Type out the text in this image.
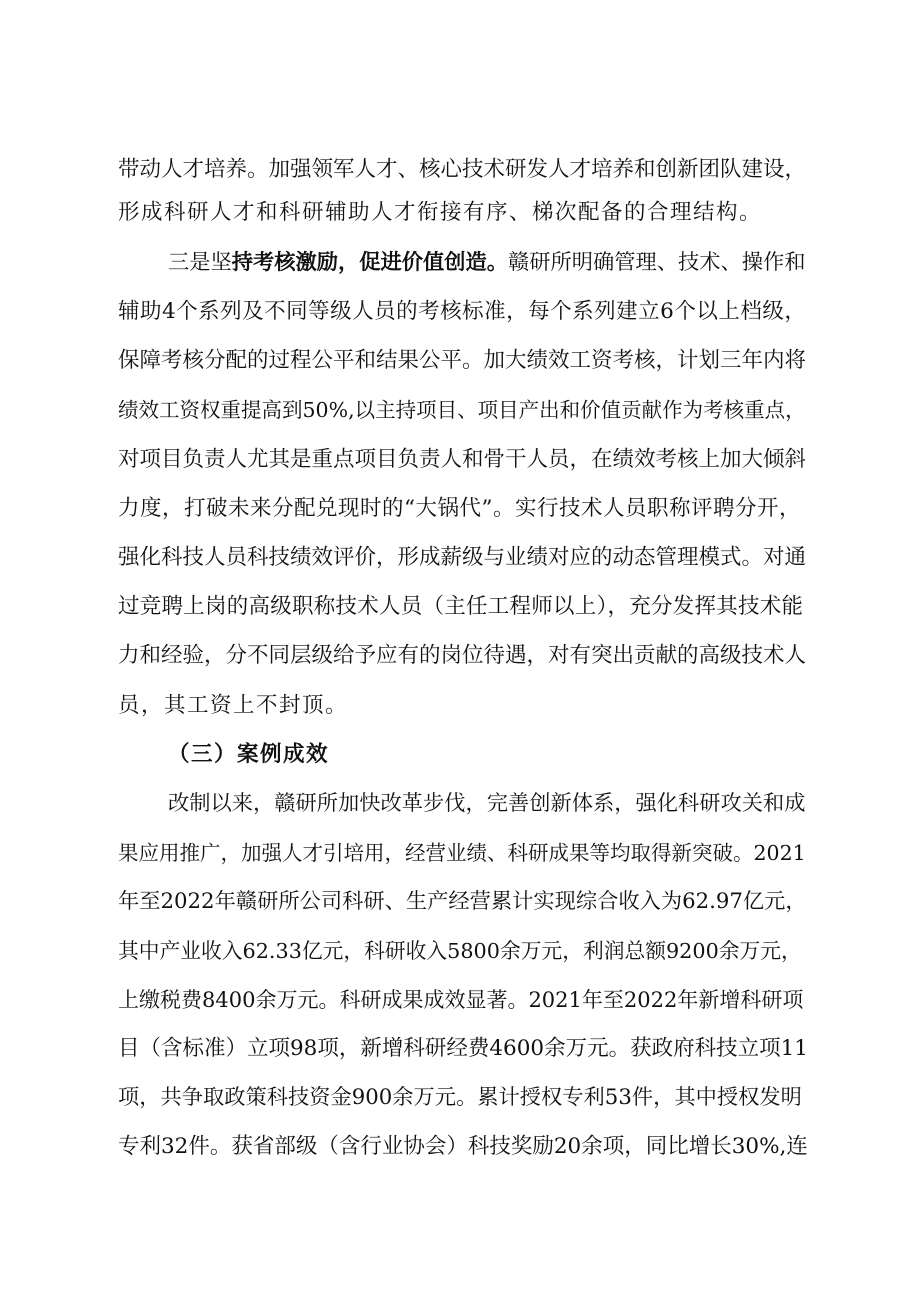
带动人才培养。加强领军人才、核心技术研发人才培养和创新团队建设，
形成科研人才和科研辅助人才衔接有序、梯次配备的合理结构。
三是坚持考核激励，促进价值创造。赣研所明确管理、技术、操作和
辅助4个系列及不同等级人员的考核标准，每个系列建立6个以上档级，
保障考核分配的过程公平和结果公平。加大绩效工资考核，计划三年内将
绩效工资权重提高到50%,以主持项目、项目产出和价值贡献作为考核重点，
对项目负责人尤其是重点项目负责人和骨干人员，在绩效考核上加大倾斜
力度，打破未来分配兑现时的“大锅代”。实行技术人员职称评聘分开，
强化科技人员科技绩效评价，形成薪级与业绩对应的动态管理模式。对通
过竞聘上岗的高级职称技术人员（主任工程师以上），充分发挥其技术能
力和经验，分不同层级给予应有的岗位待遇，对有突出贡献的高级技术人
员，其工资上不封顶。
（三）案例成效
改制以来，赣研所加快改革步伐，完善创新体系，强化科研攻关和成
果应用推广，加强人才引培用，经营业绩、科研成果等均取得新突破。2021
年至2022年赣研所公司科研、生产经营累计实现综合收入为62.97亿元，
其中产业收入62.33亿元，科研收入5800余万元，利润总额9200余万元，
上缴税费8400余万元。科研成果成效显著。2021年至2022年新增科研项
目（含标准）立项98项，新增科研经费4600余万元。获政府科技立项11
项，共争取政策科技资金900余万元。累计授权专利53件，其中授权发明
专利32件。获省部级（含行业协会）科技奖励20余项，同比增长30%,连
